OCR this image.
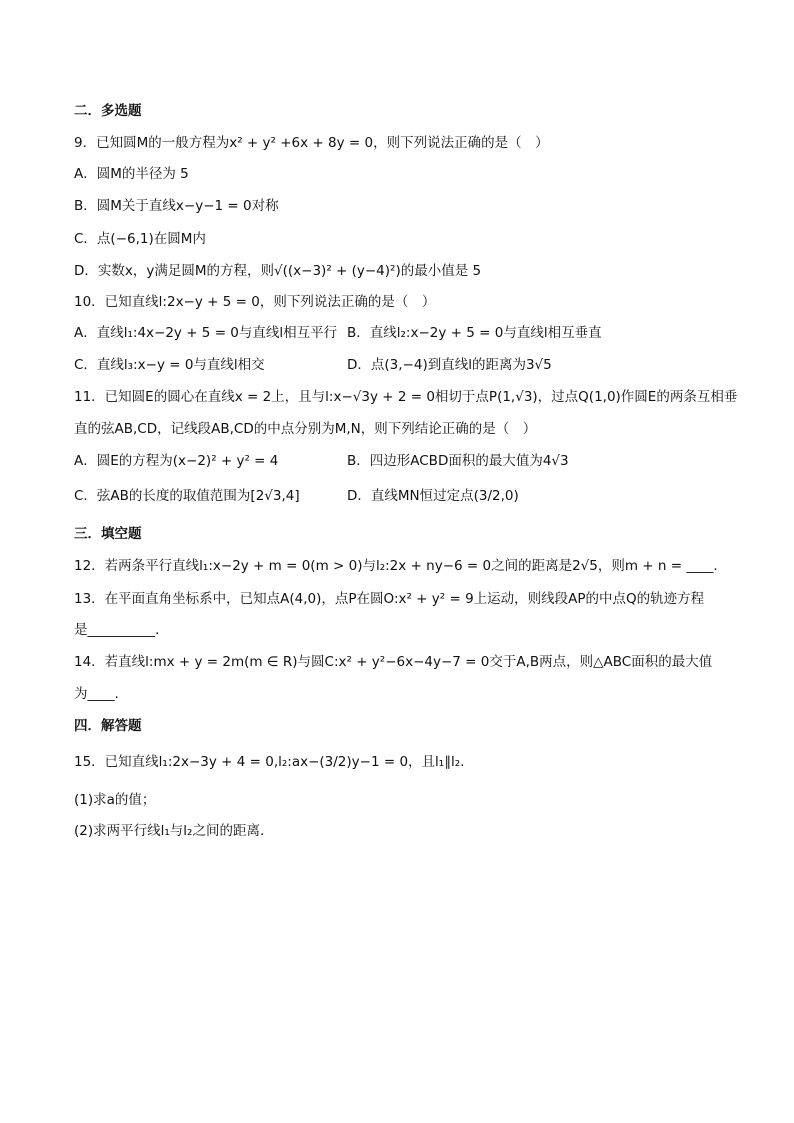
二．多选题
9．已知圆M的一般方程为x² + y² +6x + 8y = 0，则下列说法正确的是（　）
A．圆M的半径为 5
B．圆M关于直线x−y−1 = 0对称
C．点(−6,1)在圆M内
D．实数x，y满足圆M的方程，则√((x−3)² + (y−4)²)的最小值是 5
10．已知直线l:2x−y + 5 = 0，则下列说法正确的是（　）
A．直线l₁:4x−2y + 5 = 0与直线l相互平行 B．直线l₂:x−2y + 5 = 0与直线l相互垂直
C．直线l₃:x−y = 0与直线l相交	D．点(3,−4)到直线l的距离为3√5
11．已知圆E的圆心在直线x = 2上，且与l:x−√3y + 2 = 0相切于点P(1,√3)，过点Q(1,0)作圆E的两条互相垂
直的弦AB,CD，记线段AB,CD的中点分别为M,N，则下列结论正确的是（　）
A．圆E的方程为(x−2)² + y² = 4	B．四边形ACBD面积的最大值为4√3
C．弦AB的长度的取值范围为[2√3,4]	D．直线MN恒过定点(3/2,0)
三．填空题
12．若两条平行直线l₁:x−2y + m = 0(m > 0)与l₂:2x + ny−6 = 0之间的距离是2√5，则m + n = ____.
13．在平面直角坐标系中，已知点A(4,0)，点P在圆O:x² + y² = 9上运动，则线段AP的中点Q的轨迹方程
是__________.
14．若直线l:mx + y = 2m(m ∈ R)与圆C:x² + y²−6x−4y−7 = 0交于A,B两点，则△ABC面积的最大值
为____.
四．解答题
15．已知直线l₁:2x−3y + 4 = 0,l₂:ax−(3/2)y−1 = 0，且l₁∥l₂.
(1)求a的值；
(2)求两平行线l₁与l₂之间的距离.
